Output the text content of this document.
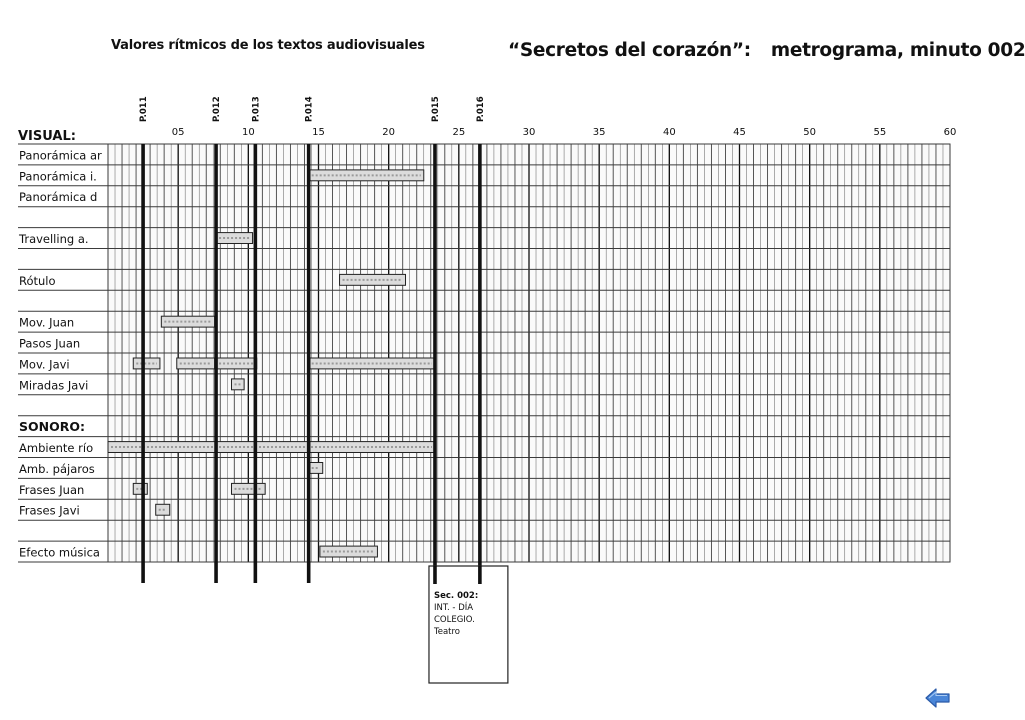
Valores rítmicos de los textos audiovisuales	“Secretos del corazón”: metrograma, minuto 002
VISUAL:
Panorámica ar
Panorámica i.
Panorámica d
Travelling a.
Rótulo
Mov. Juan
Pasos Juan
Mov. Javi
Miradas Javi
SONORO:
Ambiente río
Amb. pájaros
Frases Juan
Frases Javi
Efecto música
05	10	15	20	25	30	35	40	45	50	55	60
P.011	P.012	P.013	P.014	P.015	P.016
Sec. 002:
INT. - DÍA
COLEGIO.
Teatro
